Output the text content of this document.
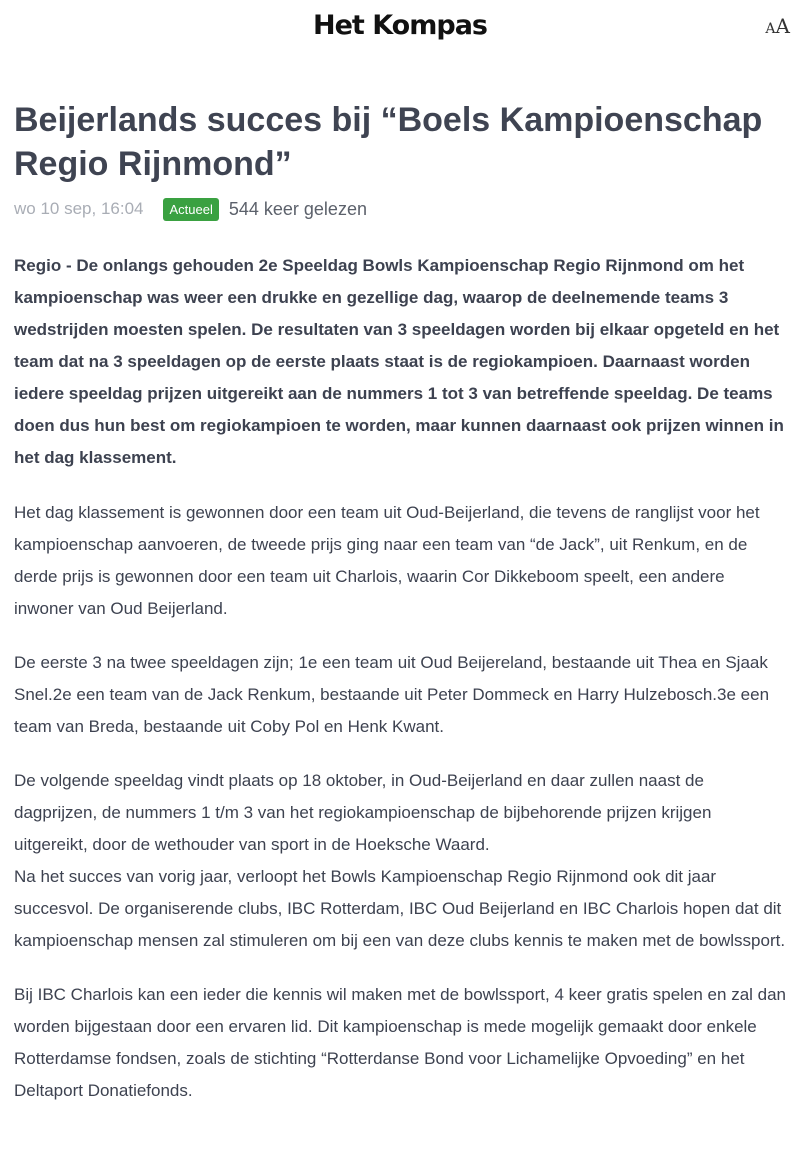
Het Kompas	AA
Beijerlands succes bij “Boels Kampioenschap Regio Rijnmond”
wo 10 sep, 16:04	Actueel 544 keer gelezen

Regio - De onlangs gehouden 2e Speeldag Bowls Kampioenschap Regio Rijnmond om het kampioenschap was weer een drukke en gezellige dag, waarop de deelnemende teams 3 wedstrijden moesten spelen. De resultaten van 3 speeldagen worden bij elkaar opgeteld en het team dat na 3 speeldagen op de eerste plaats staat is de regiokampioen. Daarnaast worden iedere speeldag prijzen uitgereikt aan de nummers 1 tot 3 van betreffende speeldag. De teams doen dus hun best om regiokampioen te worden, maar kunnen daarnaast ook prijzen winnen in het dag klassement.

Het dag klassement is gewonnen door een team uit Oud-Beijerland, die tevens de ranglijst voor het kampioenschap aanvoeren, de tweede prijs ging naar een team van “de Jack”, uit Renkum, en de derde prijs is gewonnen door een team uit Charlois, waarin Cor Dikkeboom speelt, een andere inwoner van Oud Beijerland.

De eerste 3 na twee speeldagen zijn; 1e een team uit Oud Beijereland, bestaande uit Thea en Sjaak Snel.2e een team van de Jack Renkum, bestaande uit Peter Dommeck en Harry Hulzebosch.3e een team van Breda, bestaande uit Coby Pol en Henk Kwant.

De volgende speeldag vindt plaats op 18 oktober, in Oud-Beijerland en daar zullen naast de dagprijzen, de nummers 1 t/m 3 van het regiokampioenschap de bijbehorende prijzen krijgen uitgereikt, door de wethouder van sport in de Hoeksche Waard.

Na het succes van vorig jaar, verloopt het Bowls Kampioenschap Regio Rijnmond ook dit jaar succesvol. De organiserende clubs, IBC Rotterdam, IBC Oud Beijerland en IBC Charlois hopen dat dit kampioenschap mensen zal stimuleren om bij een van deze clubs kennis te maken met de bowlssport.

Bij IBC Charlois kan een ieder die kennis wil maken met de bowlssport, 4 keer gratis spelen en zal dan worden bijgestaan door een ervaren lid. Dit kampioenschap is mede mogelijk gemaakt door enkele Rotterdamse fondsen, zoals de stichting “Rotterdanse Bond voor Lichamelijke Opvoeding” en het Deltaport Donatiefonds.
